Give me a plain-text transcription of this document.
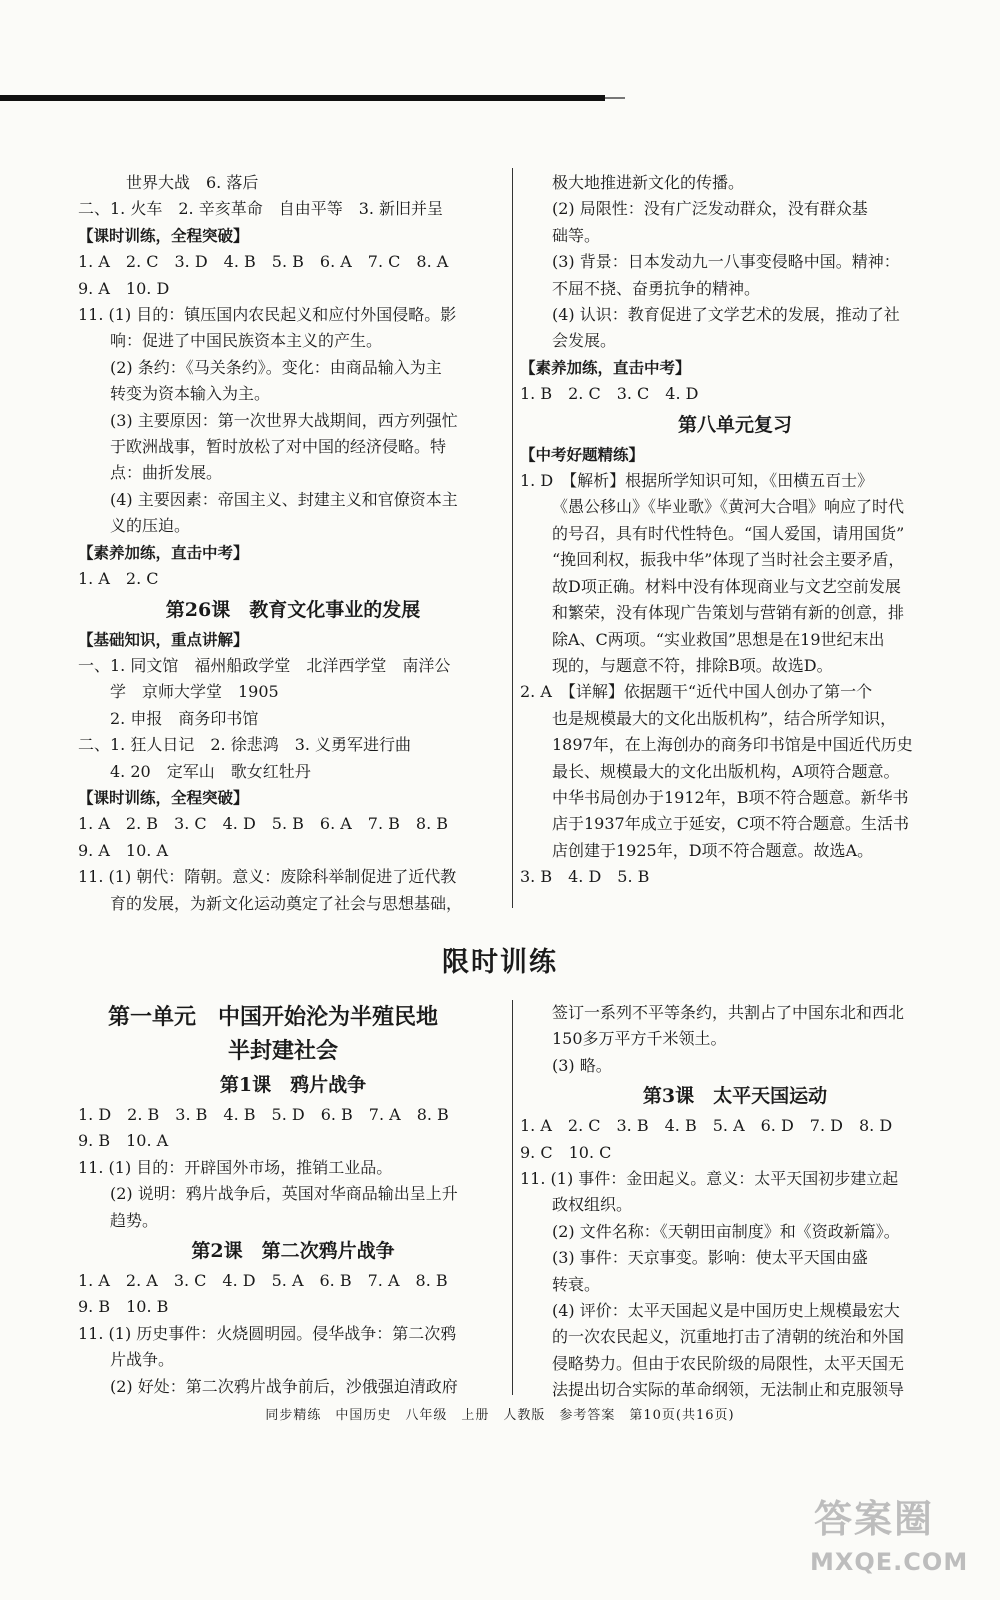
世界大战　6. 落后
二、1. 火车　2. 辛亥革命　自由平等　3. 新旧并呈
【课时训练，全程突破】
1. A　2. C　3. D　4. B　5. B　6. A　7. C　8. A
9. A　10. D
11. (1) 目的：镇压国内农民起义和应付外国侵略。影
响：促进了中国民族资本主义的产生。
(2) 条约：《马关条约》。变化：由商品输入为主
转变为资本输入为主。
(3) 主要原因：第一次世界大战期间，西方列强忙
于欧洲战事，暂时放松了对中国的经济侵略。特
点：曲折发展。
(4) 主要因素：帝国主义、封建主义和官僚资本主
义的压迫。
【素养加练，直击中考】
1. A　2. C
第26课　教育文化事业的发展
【基础知识，重点讲解】
一、1. 同文馆　福州船政学堂　北洋西学堂　南洋公
学　京师大学堂　1905
2. 申报　商务印书馆
二、1. 狂人日记　2. 徐悲鸿　3. 义勇军进行曲
4. 20　定军山　歌女红牡丹
【课时训练，全程突破】
1. A　2. B　3. C　4. D　5. B　6. A　7. B　8. B
9. A　10. A
11. (1) 朝代：隋朝。意义：废除科举制促进了近代教
育的发展，为新文化运动奠定了社会与思想基础，
极大地推进新文化的传播。
(2) 局限性：没有广泛发动群众，没有群众基
础等。
(3) 背景：日本发动九一八事变侵略中国。精神：
不屈不挠、奋勇抗争的精神。
(4) 认识：教育促进了文学艺术的发展，推动了社
会发展。
【素养加练，直击中考】
1. B　2. C　3. C　4. D
第八单元复习
【中考好题精练】
1. D　【解析】根据所学知识可知，《田横五百士》
《愚公移山》《毕业歌》《黄河大合唱》响应了时代
的号召，具有时代性特色。“国人爱国，请用国货”
“挽回利权，振我中华”体现了当时社会主要矛盾，
故D项正确。材料中没有体现商业与文艺空前发展
和繁荣，没有体现广告策划与营销有新的创意，排
除A、C两项。“实业救国”思想是在19世纪末出
现的，与题意不符，排除B项。故选D。
2. A　【详解】依据题干“近代中国人创办了第一个
也是规模最大的文化出版机构”，结合所学知识，
1897年，在上海创办的商务印书馆是中国近代历史
最长、规模最大的文化出版机构，A项符合题意。
中华书局创办于1912年，B项不符合题意。新华书
店于1937年成立于延安，C项不符合题意。生活书
店创建于1925年，D项不符合题意。故选A。
3. B　4. D　5. B
限时训练
第一单元　中国开始沦为半殖民地
半封建社会
第1课　鸦片战争
1. D　2. B　3. B　4. B　5. D　6. B　7. A　8. B
9. B　10. A
11. (1) 目的：开辟国外市场，推销工业品。
(2) 说明：鸦片战争后，英国对华商品输出呈上升
趋势。
第2课　第二次鸦片战争
1. A　2. A　3. C　4. D　5. A　6. B　7. A　8. B
9. B　10. B
11. (1) 历史事件：火烧圆明园。侵华战争：第二次鸦
片战争。
(2) 好处：第二次鸦片战争前后，沙俄强迫清政府
签订一系列不平等条约，共割占了中国东北和西北
150多万平方千米领土。
(3) 略。
第3课　太平天国运动
1. A　2. C　3. B　4. B　5. A　6. D　7. D　8. D
9. C　10. C
11. (1) 事件：金田起义。意义：太平天国初步建立起
政权组织。
(2) 文件名称：《天朝田亩制度》和《资政新篇》。
(3) 事件：天京事变。影响：使太平天国由盛
转衰。
(4) 评价：太平天国起义是中国历史上规模最宏大
的一次农民起义，沉重地打击了清朝的统治和外国
侵略势力。但由于农民阶级的局限性，太平天国无
法提出切合实际的革命纲领，无法制止和克服领导
同步精练　中国历史　八年级　上册　人教版　参考答案　第10页(共16页)
答案圈
MXQE.COM
